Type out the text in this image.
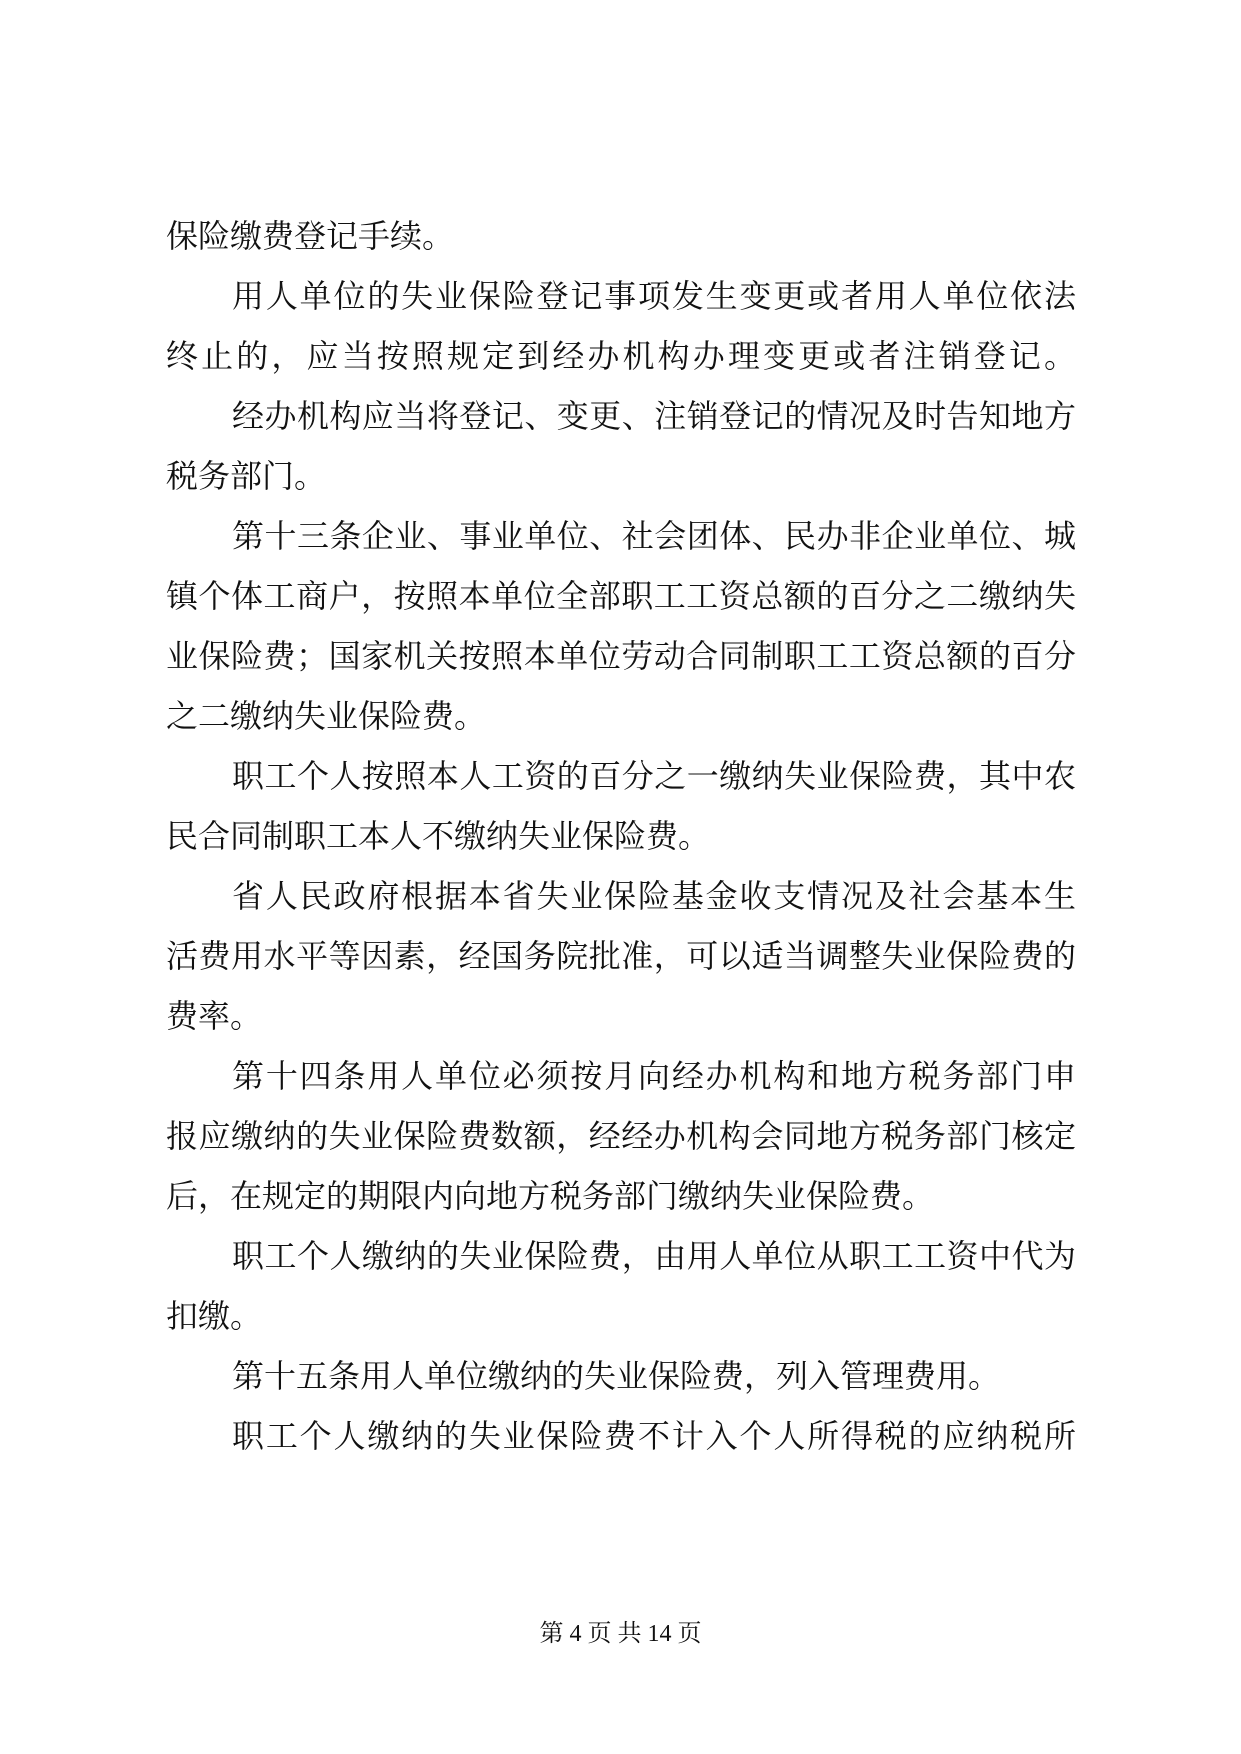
保险缴费登记手续。
用人单位的失业保险登记事项发生变更或者用人单位依法
终止的，应当按照规定到经办机构办理变更或者注销登记。
经办机构应当将登记、变更、注销登记的情况及时告知地方
税务部门。
第十三条企业、事业单位、社会团体、民办非企业单位、城
镇个体工商户，按照本单位全部职工工资总额的百分之二缴纳失
业保险费；国家机关按照本单位劳动合同制职工工资总额的百分
之二缴纳失业保险费。
职工个人按照本人工资的百分之一缴纳失业保险费，其中农
民合同制职工本人不缴纳失业保险费。
省人民政府根据本省失业保险基金收支情况及社会基本生
活费用水平等因素，经国务院批准，可以适当调整失业保险费的
费率。
第十四条用人单位必须按月向经办机构和地方税务部门申
报应缴纳的失业保险费数额，经经办机构会同地方税务部门核定
后，在规定的期限内向地方税务部门缴纳失业保险费。
职工个人缴纳的失业保险费，由用人单位从职工工资中代为
扣缴。
第十五条用人单位缴纳的失业保险费，列入管理费用。
职工个人缴纳的失业保险费不计入个人所得税的应纳税所
第 4 页 共 14 页
